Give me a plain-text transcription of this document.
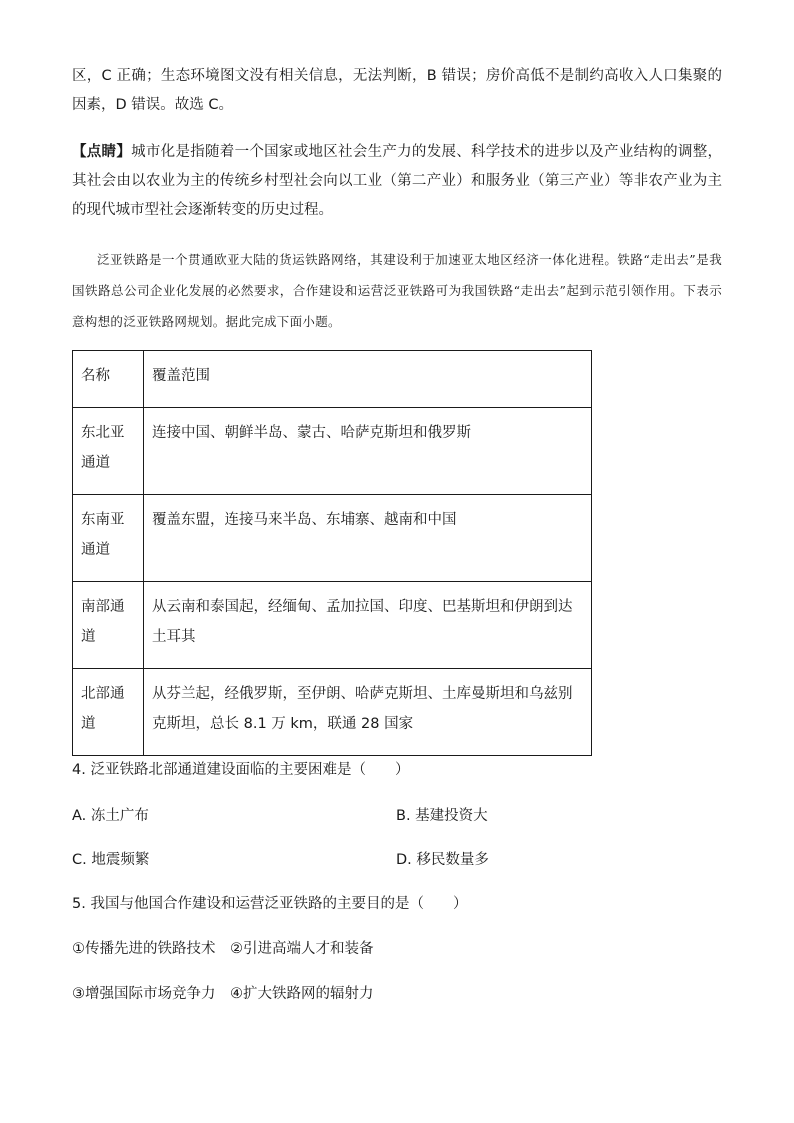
区，C 正确；生态环境图文没有相关信息，无法判断，B 错误；房价高低不是制约高收入人口集聚的因素，D 错误。故选 C。

【点睛】城市化是指随着一个国家或地区社会生产力的发展、科学技术的进步以及产业结构的调整，其社会由以农业为主的传统乡村型社会向以工业（第二产业）和服务业（第三产业）等非农产业为主的现代城市型社会逐渐转变的历史过程。

泛亚铁路是一个贯通欧亚大陆的货运铁路网络，其建设利于加速亚太地区经济一体化进程。铁路“走出去”是我国铁路总公司企业化发展的必然要求，合作建设和运营泛亚铁路可为我国铁路“走出去”起到示范引领作用。下表示意构想的泛亚铁路网规划。据此完成下面小题。

名称	覆盖范围
东北亚通道	连接中国、朝鲜半岛、蒙古、哈萨克斯坦和俄罗斯
东南亚通道	覆盖东盟，连接马来半岛、东埔寨、越南和中国
南部通道	从云南和泰国起，经缅甸、孟加拉国、印度、巴基斯坦和伊朗到达土耳其
北部通道	从芬兰起，经俄罗斯，至伊朗、哈萨克斯坦、土库曼斯坦和乌兹别克斯坦，总长 8.1 万 km，联通 28 国家
4. 泛亚铁路北部通道建设面临的主要困难是（　　）
A. 冻土广布	B. 基建投资大
C. 地震频繁	D. 移民数量多
5. 我国与他国合作建设和运营泛亚铁路的主要目的是（　　）
①传播先进的铁路技术　②引进高端人才和装备
③增强国际市场竞争力　④扩大铁路网的辐射力
